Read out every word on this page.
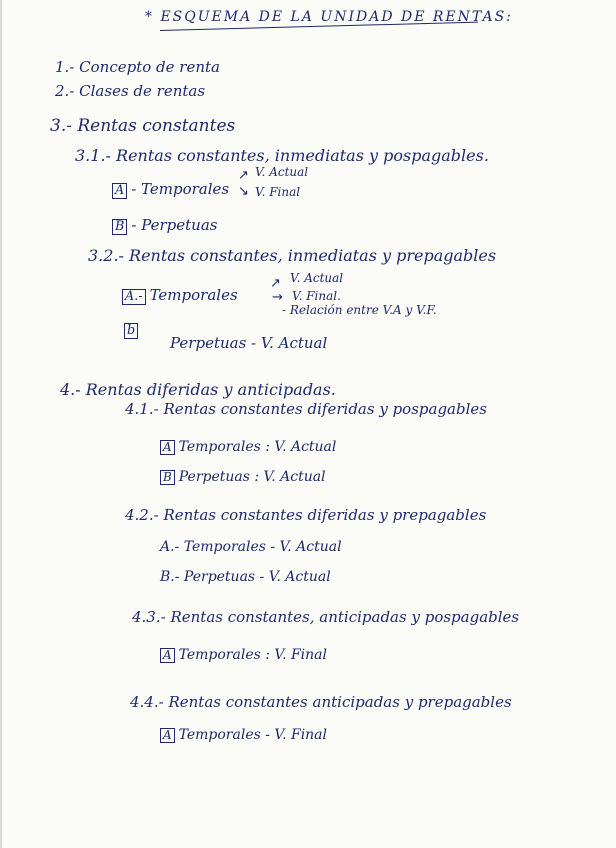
* ESQUEMA DE LA UNIDAD DE RENTAS:
1.- Concepto de renta
2.- Clases de rentas
3.- Rentas constantes
3.1.- Rentas constantes, inmediatas y pospagables.
A - Temporales
↗
↘
V. Actual
V. Final
B - Perpetuas
3.2.- Rentas constantes, inmediatas y prepagables
A.- Temporales
↗
→
V. Actual
V. Final.
- Relación entre V.A y V.F.
b
Perpetuas - V. Actual
4.- Rentas diferidas y anticipadas.
4.1.- Rentas constantes diferidas y pospagables
A Temporales : V. Actual
B Perpetuas : V. Actual
4.2.- Rentas constantes diferidas y prepagables
A.- Temporales - V. Actual
B.- Perpetuas - V. Actual
4.3.- Rentas constantes, anticipadas y pospagables
A Temporales : V. Final
4.4.- Rentas constantes anticipadas y prepagables
A Temporales - V. Final
